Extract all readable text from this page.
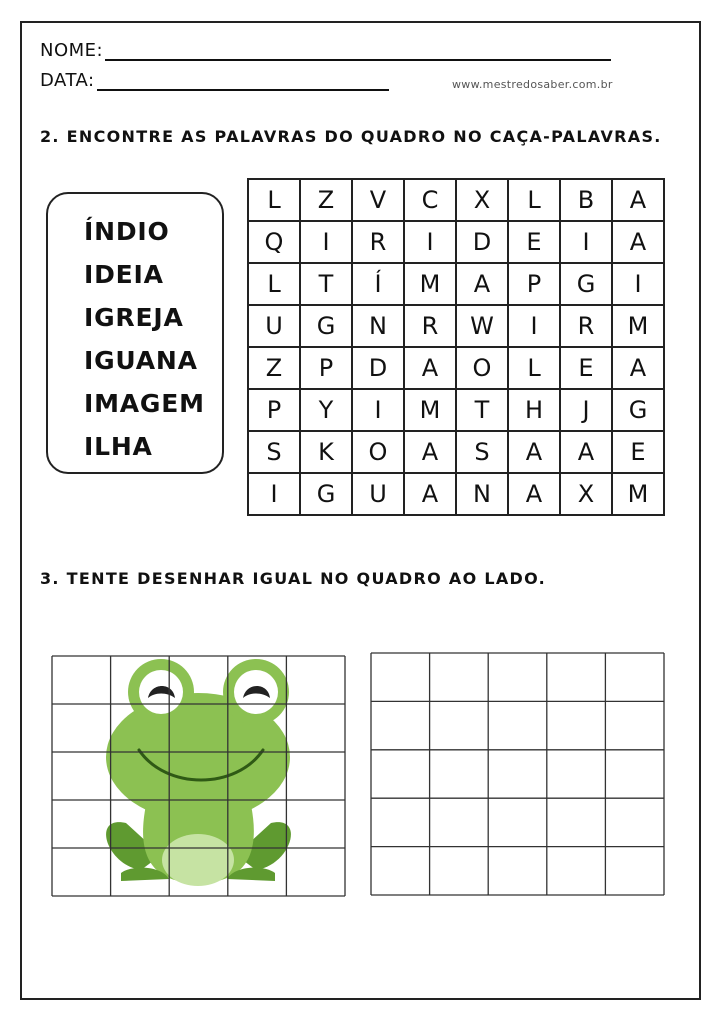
NOME:
DATA:	www.mestredosaber.com.br
2. ENCONTRE AS PALAVRAS DO QUADRO NO CAÇA-PALAVRAS.
ÍNDIO
IDEIA
IGREJA
IGUANA
IMAGEM
ILHA
L	Z	V	C	X	L	B	A
Q	I	R	I	D	E	I	A
L	T	Í	M	A	P	G	I
U	G	N	R	W	I	R	M
Z	P	D	A	O	L	E	A
P	Y	I	M	T	H	J	G
S	K	O	A	S	A	A	E
I	G	U	A	N	A	X	M
3. TENTE DESENHAR IGUAL NO QUADRO AO LADO.
